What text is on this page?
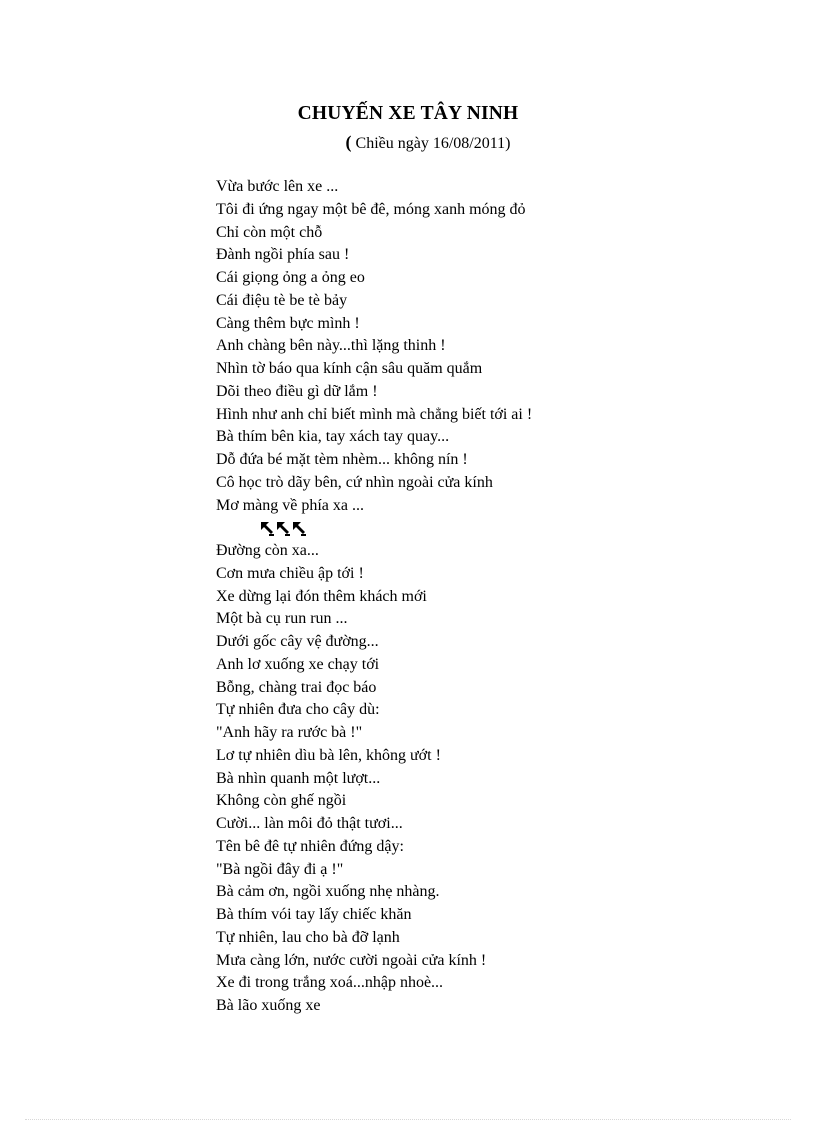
CHUYẾN XE TÂY NINH

( Chiều ngày 16/08/2011)

Vừa bước lên xe ...
Tôi đi ứng ngay một bê đê, móng xanh móng đỏ
Chỉ còn một chỗ
Đành ngồi phía sau !
Cái giọng ỏng a ỏng eo
Cái điệu tè be tè bảy
Càng thêm bực mình !
Anh chàng bên này...thì lặng thinh !
Nhìn tờ báo qua kính cận sâu quăm quắm
Dõi theo điều gì dữ lắm !
Hình như anh chỉ biết mình mà chẳng biết tới ai !
Bà thím bên kia, tay xách tay quay...
Dỗ đứa bé mặt tèm nhèm... không nín !
Cô học trò dãy bên, cứ nhìn ngoài cửa kính
Mơ màng về phía xa ...
Đường còn xa...
Cơn mưa chiều ập tới !
Xe dừng lại đón thêm khách mới
Một bà cụ run run ...
Dưới gốc cây vệ đường...
Anh lơ xuống xe chạy tới
Bỗng, chàng trai đọc báo
Tự nhiên đưa cho cây dù:
"Anh hãy ra rước bà !"
Lơ tự nhiên dìu bà lên, không ướt !
Bà nhìn quanh một lượt...
Không còn ghế ngồi
Cười... làn môi đỏ thật tươi...
Tên bê đê tự nhiên đứng dậy:
"Bà ngồi đây đi ạ !"
Bà cảm ơn, ngồi xuống nhẹ nhàng.
Bà thím vói tay lấy chiếc khăn
Tự nhiên, lau cho bà đỡ lạnh
Mưa càng lớn, nước cười ngoài cửa kính !
Xe đi trong trắng xoá...nhập nhoè...
Bà lão xuống xe
